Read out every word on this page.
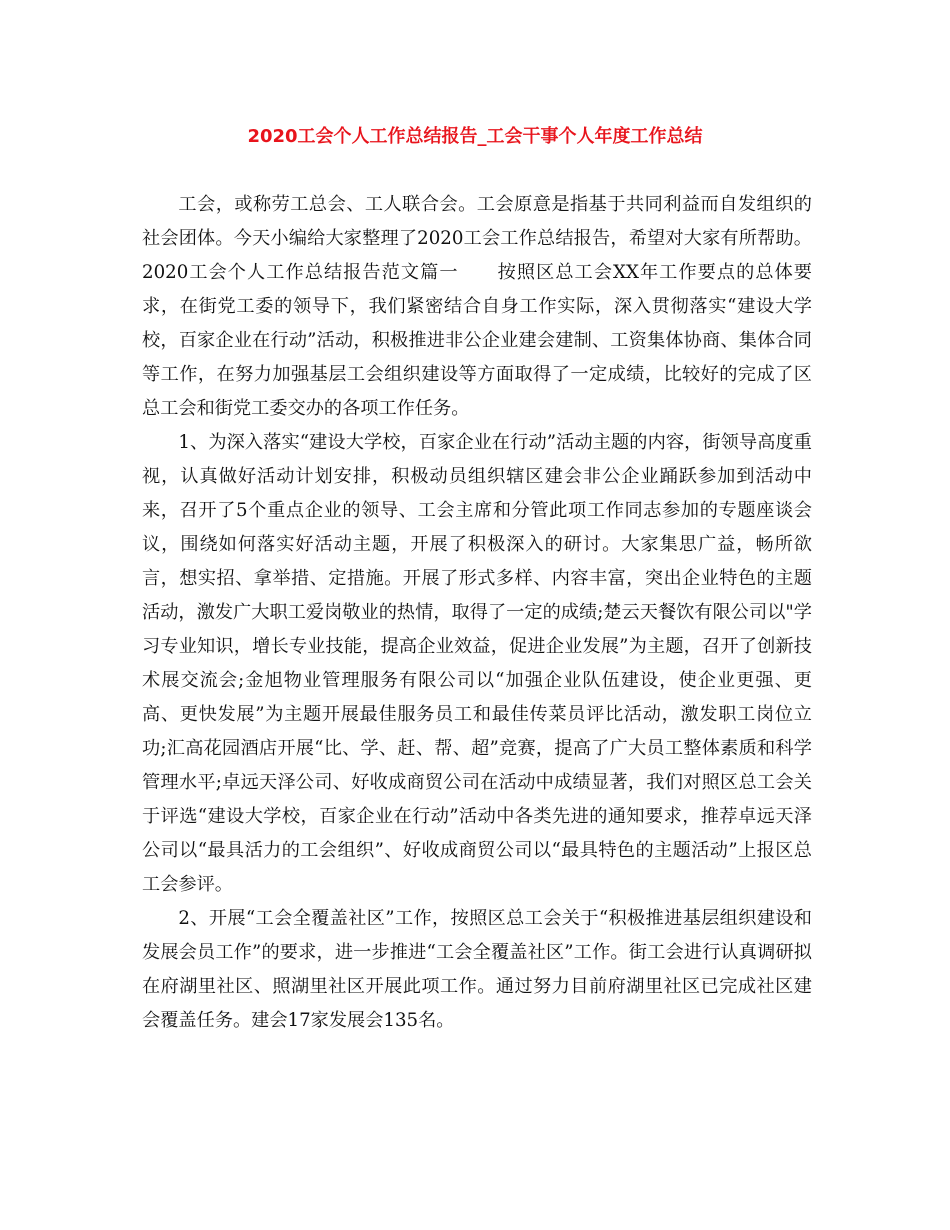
2020工会个人工作总结报告_工会干事个人年度工作总结

工会，或称劳工总会、工人联合会。工会原意是指基于共同利益而自发组织的社会团体。今天小编给大家整理了2020工会工作总结报告，希望对大家有所帮助。2020工会个人工作总结报告范文篇一 按照区总工会XX年工作要点的总体要求，在街党工委的领导下，我们紧密结合自身工作实际，深入贯彻落实“建设大学校，百家企业在行动”活动，积极推进非公企业建会建制、工资集体协商、集体合同等工作，在努力加强基层工会组织建设等方面取得了一定成绩，比较好的完成了区总工会和街党工委交办的各项工作任务。

1、为深入落实“建设大学校，百家企业在行动”活动主题的内容，街领导高度重视，认真做好活动计划安排，积极动员组织辖区建会非公企业踊跃参加到活动中来，召开了5个重点企业的领导、工会主席和分管此项工作同志参加的专题座谈会议，围绕如何落实好活动主题，开展了积极深入的研讨。大家集思广益，畅所欲言，想实招、拿举措、定措施。开展了形式多样、内容丰富，突出企业特色的主题活动，激发广大职工爱岗敬业的热情，取得了一定的成绩;楚云天餐饮有限公司以"学习专业知识，增长专业技能，提高企业效益，促进企业发展”为主题，召开了创新技术展交流会;金旭物业管理服务有限公司以“加强企业队伍建设，使企业更强、更高、更快发展”为主题开展最佳服务员工和最佳传菜员评比活动，激发职工岗位立功;汇高花园酒店开展“比、学、赶、帮、超”竞赛，提高了广大员工整体素质和科学管理水平;卓远天泽公司、好收成商贸公司在活动中成绩显著，我们对照区总工会关于评选“建设大学校，百家企业在行动”活动中各类先进的通知要求，推荐卓远天泽公司以“最具活力的工会组织”、好收成商贸公司以“最具特色的主题活动”上报区总工会参评。

2、开展“工会全覆盖社区”工作，按照区总工会关于“积极推进基层组织建设和发展会员工作”的要求，进一步推进“工会全覆盖社区”工作。街工会进行认真调研拟在府湖里社区、照湖里社区开展此项工作。通过努力目前府湖里社区已完成社区建会覆盖任务。建会17家发展会135名。
